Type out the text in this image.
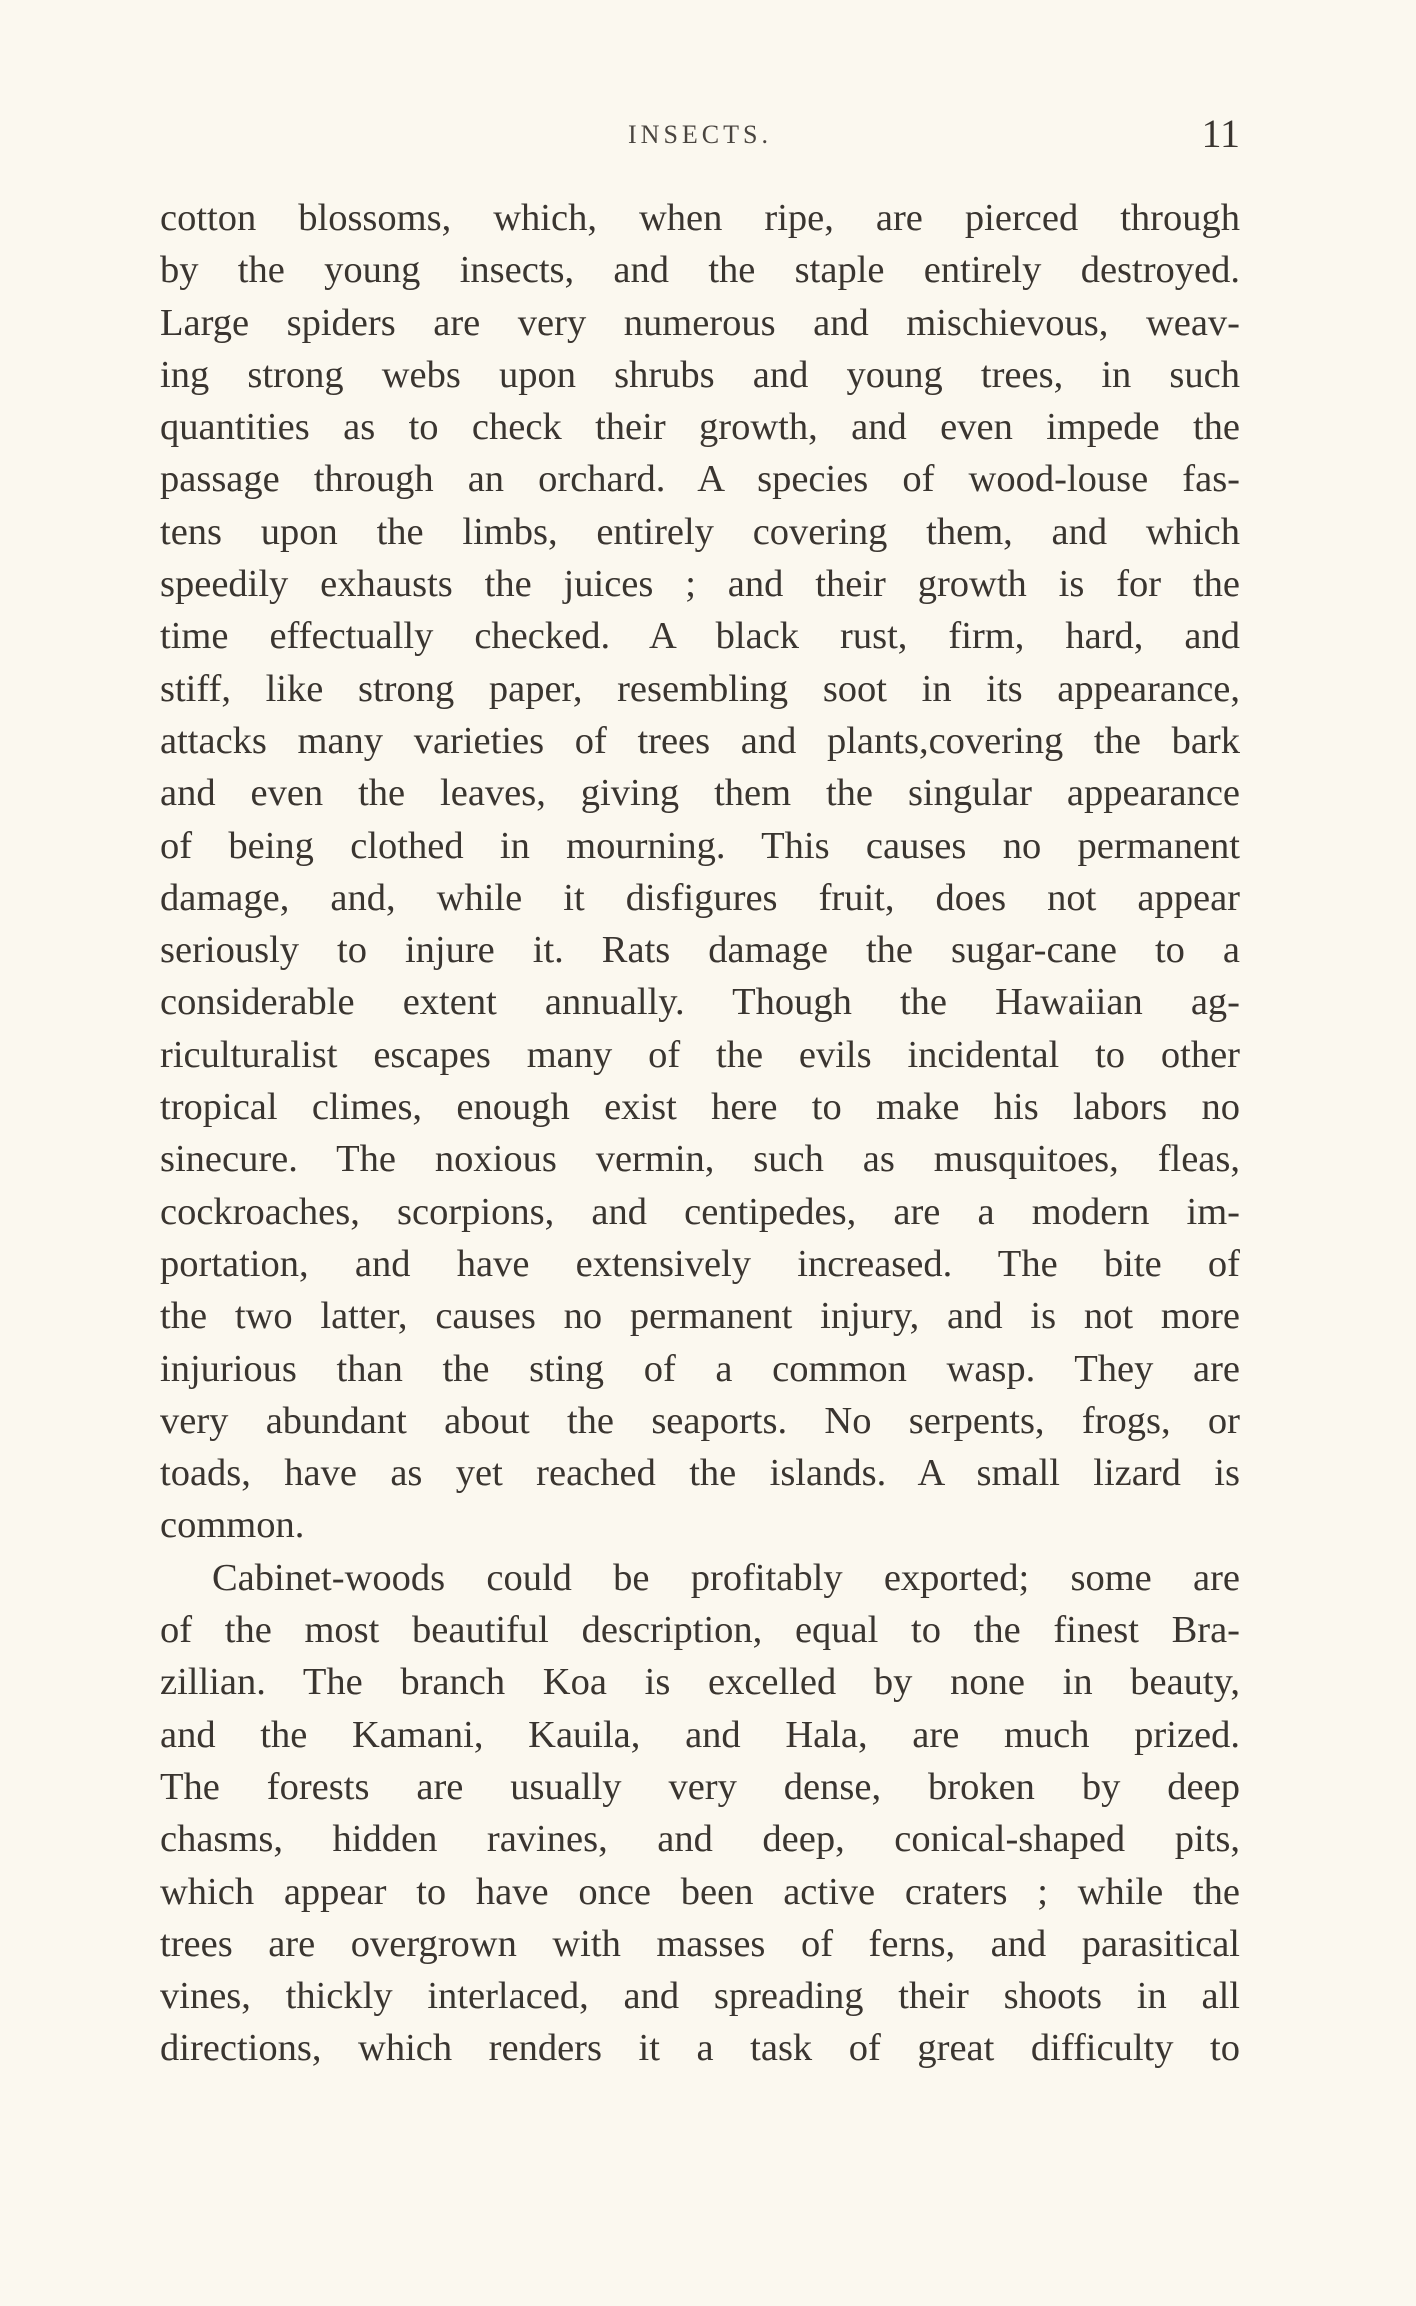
INSECTS.	11
cotton blossoms, which, when ripe, are pierced through
by the young insects, and the staple entirely destroyed.
Large spiders are very numerous and mischievous, weav-
ing strong webs upon shrubs and young trees, in such
quantities as to check their growth, and even impede the
passage through an orchard. A species of wood-louse fas-
tens upon the limbs, entirely covering them, and which
speedily exhausts the juices ; and their growth is for the
time effectually checked. A black rust, firm, hard, and
stiff, like strong paper, resembling soot in its appearance,
attacks many varieties of trees and plants,covering the bark
and even the leaves, giving them the singular appearance
of being clothed in mourning. This causes no permanent
damage, and, while it disfigures fruit, does not appear
seriously to injure it. Rats damage the sugar-cane to a
considerable extent annually. Though the Hawaiian ag-
riculturalist escapes many of the evils incidental to other
tropical climes, enough exist here to make his labors no
sinecure. The noxious vermin, such as musquitoes, fleas,
cockroaches, scorpions, and centipedes, are a modern im-
portation, and have extensively increased. The bite of
the two latter, causes no permanent injury, and is not more
injurious than the sting of a common wasp. They are
very abundant about the seaports. No serpents, frogs, or
toads, have as yet reached the islands. A small lizard is
common.
Cabinet-woods could be profitably exported; some are
of the most beautiful description, equal to the finest Bra-
zillian. The branch Koa is excelled by none in beauty,
and the Kamani, Kauila, and Hala, are much prized.
The forests are usually very dense, broken by deep
chasms, hidden ravines, and deep, conical-shaped pits,
which appear to have once been active craters ; while the
trees are overgrown with masses of ferns, and parasitical
vines, thickly interlaced, and spreading their shoots in all
directions, which renders it a task of great difficulty to
